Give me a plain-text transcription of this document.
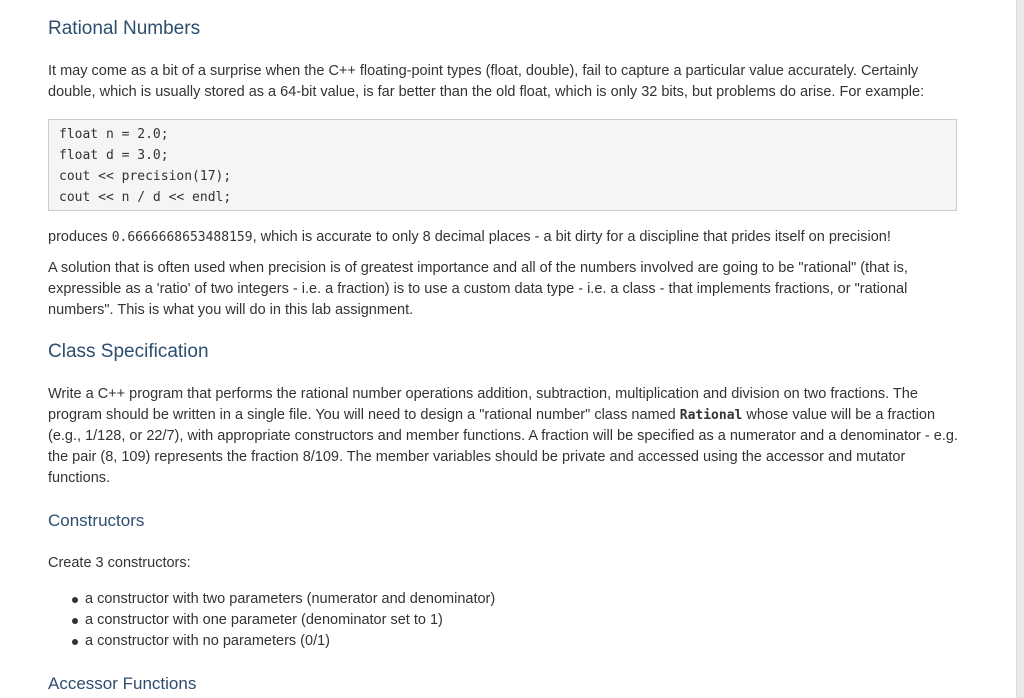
Rational Numbers

It may come as a bit of a surprise when the C++ floating-point types (float, double), fail to capture a particular value accurately. Certainly double, which is usually stored as a 64-bit value, is far better than the old float, which is only 32 bits, but problems do arise. For example:

float n = 2.0;
float d = 3.0;
cout << precision(17);
cout << n / d << endl;

produces 0.6666668653488159, which is accurate to only 8 decimal places - a bit dirty for a discipline that prides itself on precision!

A solution that is often used when precision is of greatest importance and all of the numbers involved are going to be "rational" (that is, expressible as a 'ratio' of two integers - i.e. a fraction) is to use a custom data type - i.e. a class - that implements fractions, or "rational numbers". This is what you will do in this lab assignment.

Class Specification

Write a C++ program that performs the rational number operations addition, subtraction, multiplication and division on two fractions. The program should be written in a single file. You will need to design a "rational number" class named Rational whose value will be a fraction (e.g., 1/128, or 22/7), with appropriate constructors and member functions. A fraction will be specified as a numerator and a denominator - e.g. the pair (8, 109) represents the fraction 8/109. The member variables should be private and accessed using the accessor and mutator functions.

Constructors

Create 3 constructors:

a constructor with two parameters (numerator and denominator)
a constructor with one parameter (denominator set to 1)
a constructor with no parameters (0/1)
Accessor Functions
